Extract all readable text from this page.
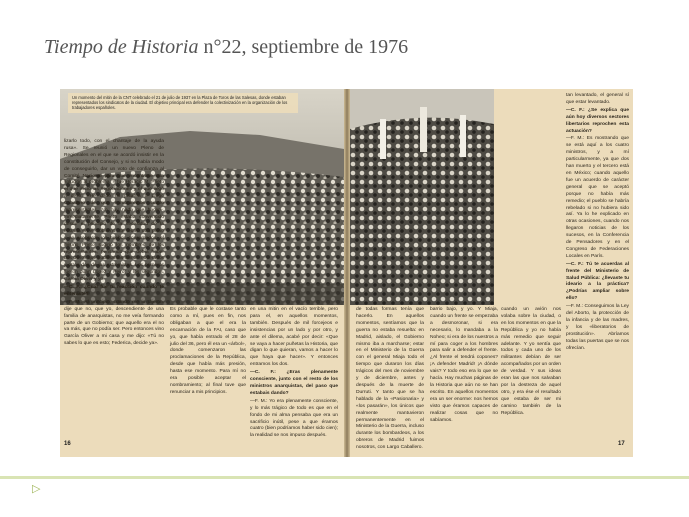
Tiempo de Historia n°22, septiembre de 1976
Un momento del mitin de la CNT celebrado el 21 de julio de 1937 en la Plaza de Toros de las Salesas, donde estaban representados los sindicatos de la ciudad. El objetivo principal era defender la colectivización en la organización de los trabajadores españoles.

lizarlo todo, con el chantaje de la ayuda rusa». Se reunió un nuevo Pleno de Regionales en el que se acordó insistir en la constitución del Consejo, y si no había modo de conseguirlo, dar un voto de confianza al Comité Nacional para que encontrase una solución al problema. Y fue Horacio M. Prieto el que inició las negociaciones y el que llegó a decir: «He dado mi palabra a Largo Caballero de que nombraremos cuatro representantes. No hay nada que hacer». Inmediatamente, Prieto estaba convencido desde el principio de la necesidad de la entrada en el Gobierno. Se reunió otro pleno y se aceptaron los hechos consumados: el mismo Prieto sugirió los nombres de los representantes, pensando que debía haber dos de los que pudiéramos llamar moderados y otros dos de los extremistas. Los primeros fueron Juan López y Peiró; y los segundos, García Oliver y yo.

—C. F.: ¿Cuál fue tu reacción cuando te enteraste?

—F. M.: Al principio, cuando me lo dijeron, dije que no, que yo, descendiente de una familia de anarquistas, no me veía formando parte de un Gobierno; que aquello era el no va más, que no podía ser. Pero entonces vino García Oliver a mi casa y me dijo: «Tú no sabes lo que es esto; Federica, decide ya».

Es probable que le costase tanto como a mí, pues en fin, nos obligaban a que el era la encarnación de la FAI, caso que yo, que había entrado el 28 de julio del 36, pero él era un «árbol», donde comenzaron las proclamaciones de la República, desde que había más presión, hasta ese momento. Para mí no era posible aceptar el nombramiento; al final tuve que renunciar a mis principios.

en una mitin en el vacío terrible, pero para el, en aquellos momentos, también. Después de mil forcejeos e insistencias por un lado y por otro, y ante el dilema, acabé por decir: «Que se vaya a hacer puñetas la Historia, que digan lo que quieran, vamos a hacer lo que haya que hacer». Y entonces entramos los dos.

—C. F.: ¿Eras plenamente consciente, junto con el resto de los ministros anarquistas, del paso que estabais dando?

—F. M.: Yo era plenamente consciente, y lo más trágico de todo es que en el fondo de mi alma pensaba que era un sacrificio inútil, pese a que éramos cuatro (bien podríamos haber sido cien); la realidad se nos impuso después.

de todas formas tenía que hacerlo. En aquellos momentos, sentíamos que la guerra no estaba resuelta: en Madrid, aislado, el Gobierno mismo iba a marcharse; estar en el Ministerio de la Guerra con el general Miaja todo el tiempo que duraron los días trágicos del mes de noviembre y de diciembre, antes y después de la muerte de Durruti. Y tanto que se ha hablado de la «Pasionaria» y «los pasarán», los únicos que realmente mantuvieron permanentemente en el Ministerio de la Guerra, incluso durante los bombardeos, a los obreros de Madrid fuimos nosotros, con Largo Caballero.

barrio bajo, y yo. Y Miaja, cuando un frente se empezaba a desmoronar, si era necesario, lo mandaba a la Noheo; si era de los nuestros a mí para coger a los hombres para salir a defender el frente. ¿Al frente el tendrá copones? ¡A defender Madrid! ¡A dónde vais? Y todo eso era lo que se hacía. Hay muchas páginas de la Historia que aún no se han escrito. En aquellos momentos era un ser enorme: nos hemos visto que éramos capaces de realizar cosas que no sabíamos.

cuando un avión nos volaba sobre la ciudad, o en los momentos en que la República y yo no había más remedio que seguir adelante. Y yo sentía que todos y cada uno de los militantes debían de ser acompañados por un orden de verdad. Y sus ideas eran las que nos salvaban por la destreza de aquel otro, y era ése el resultado que estaba de ser mi camino también de la República.

tan levantado, el general sí que estar levantado.

—C. F.: ¿Se explica que aún hoy diversos sectores libertarios reprochen esta actuación?

—F. M.: Es mostrando que se está aquí a los cuatro ministros, y a mí particularmente, ya que dos han muerto y el tercero está en México; cuando aquello fue un acuerdo de carácter general que se aceptó porque no había más remedio; el pueblo se habría rebelado si no hubiera sido así. Ya lo he explicado en otras ocasiones, cuando nos llegaron noticias de los sucesos, en la Conferencia de Pensadores y en el Congreso de Federaciones Locales en París.

—C. F.: Tú te acuerdas al frente del Ministerio de Salud Pública: ¿llevaste tu ideario a la práctica? ¿Podrías ampliar sobre ello?

—F. M.: Conseguimos la Ley del Aborto, la protección de la infancia y de las madres, y los «liberatorios de prostitución». Abríamos todas las puertas que se nos ofrecían.

16	17
▷
